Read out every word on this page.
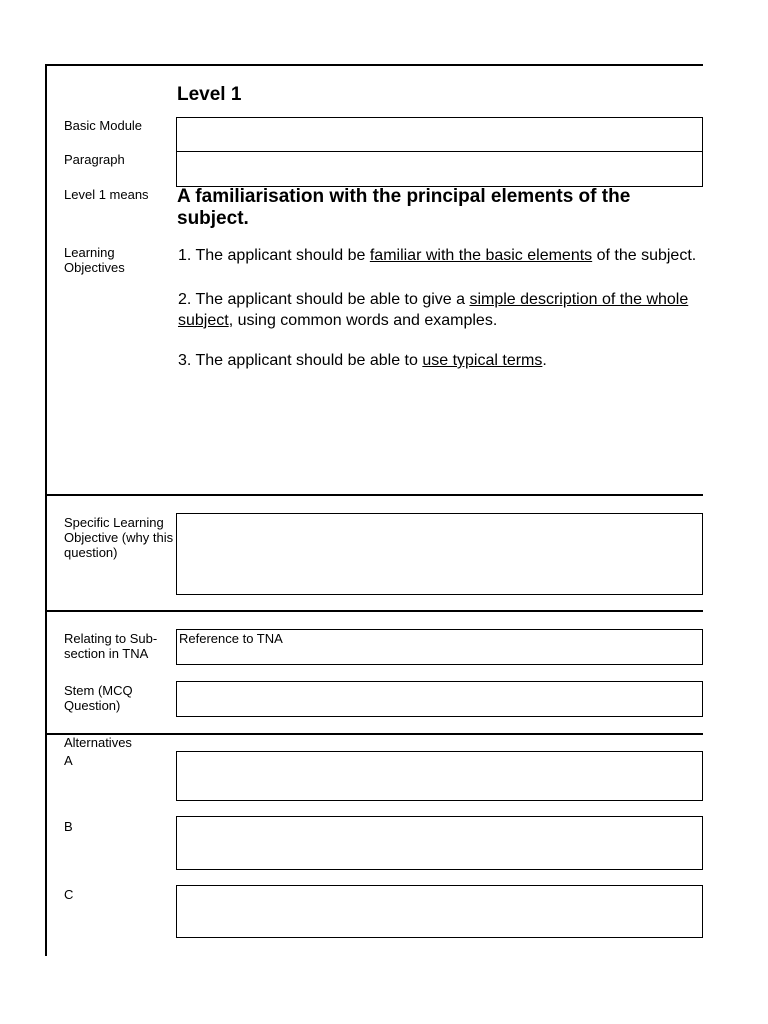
Level 1
Basic Module
Paragraph
Level 1 means A familiarisation with the principal elements of the subject.
Learning Objectives
1. The applicant should be familiar with the basic elements of the subject.
2. The applicant should be able to give a simple description of the whole subject, using common words and examples.
3. The applicant should be able to use typical terms.
Specific Learning Objective (why this question)
Relating to Sub-section in TNA
Reference to TNA
Stem (MCQ Question)
Alternatives
A
B
C
